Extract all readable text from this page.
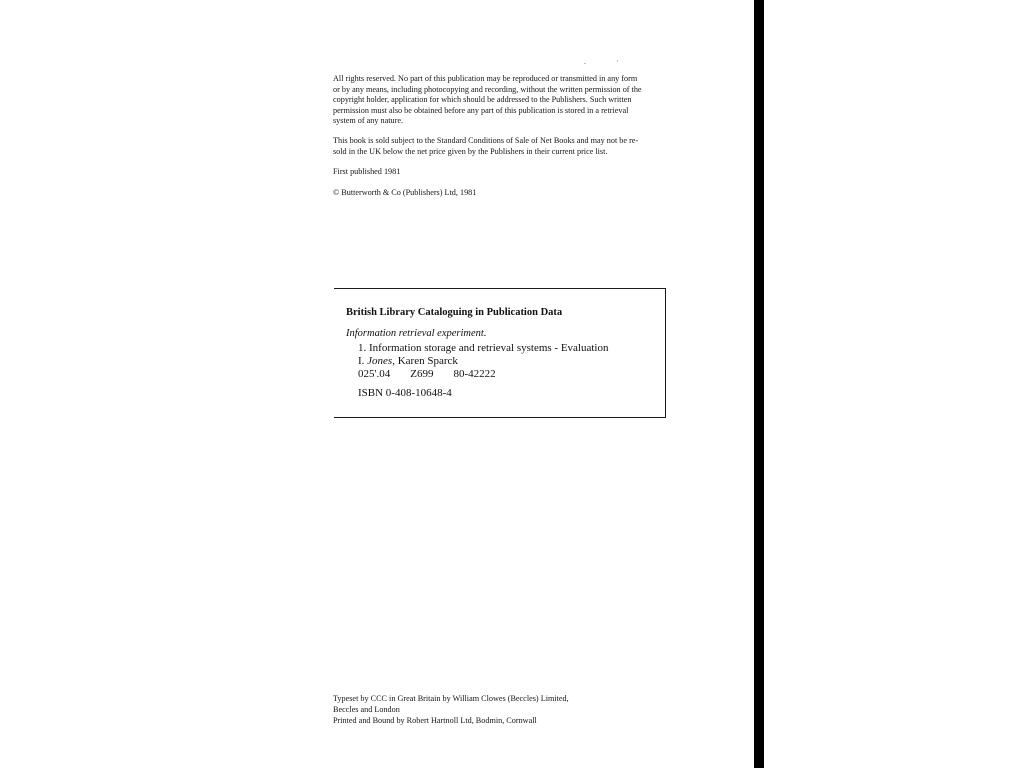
. ·

All rights reserved. No part of this publication may be reproduced or transmitted in any form
or by any means, including photocopying and recording, without the written permission of the
copyright holder, application for which should be addressed to the Publishers. Such written
permission must also be obtained before any part of this publication is stored in a retrieval
system of any nature.

This book is sold subject to the Standard Conditions of Sale of Net Books and may not be re-
sold in the UK below the net price given by the Publishers in their current price list.

First published 1981

© Butterworth & Co (Publishers) Ltd, 1981

British Library Cataloguing in Publication Data
Information retrieval experiment.
1. Information storage and retrieval systems - Evaluation
I. Jones, Karen Sparck
025'.04 Z699 80-42222
ISBN 0-408-10648-4
Typeset by CCC in Great Britain by William Clowes (Beccles) Limited,
Beccles and London
Printed and Bound by Robert Hartnoll Ltd, Bodmin, Cornwall
